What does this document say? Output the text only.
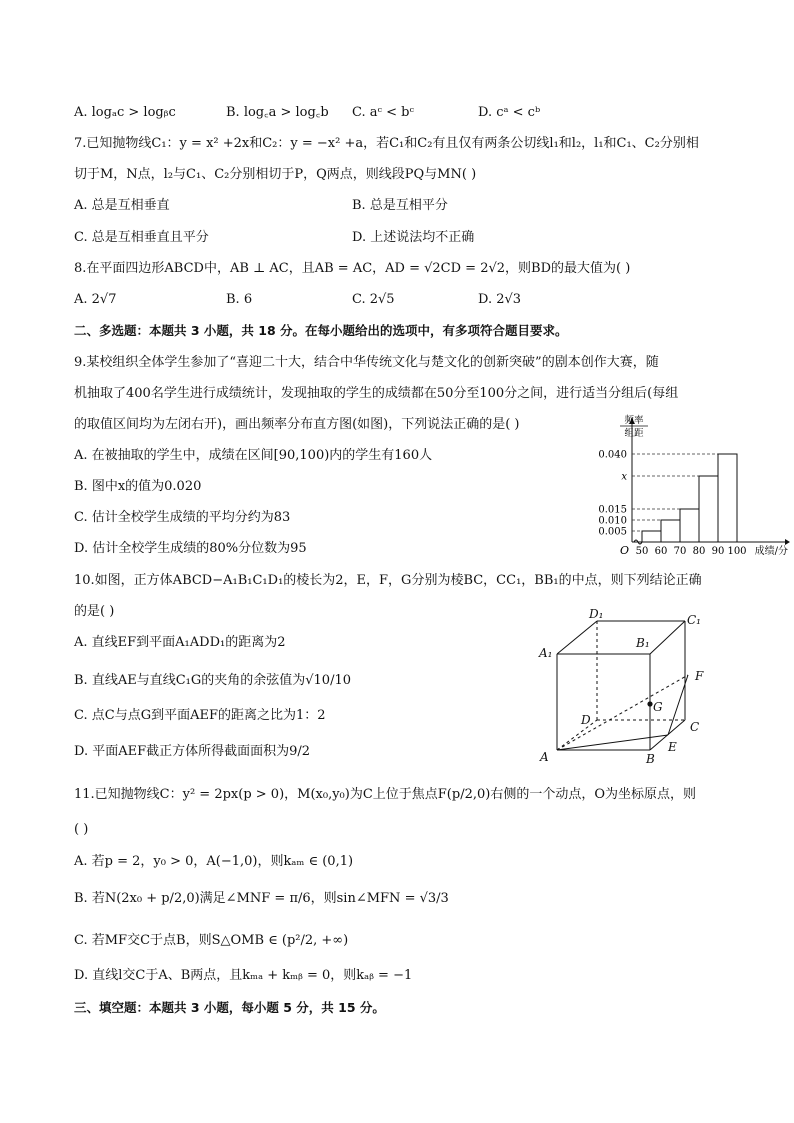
A. logₐc > logᵦc	B. log꜀a > log꜀b C. aᶜ < bᶜ	D. cᵃ < cᵇ
7.已知抛物线C₁：y = x² +2x和C₂：y = −x² +a，若C₁和C₂有且仅有两条公切线l₁和l₂，l₁和C₁、C₂分别相
切于M，N点，l₂与C₁、C₂分别相切于P，Q两点，则线段PQ与MN( )
A. 总是互相垂直	B. 总是互相平分
C. 总是互相垂直且平分	D. 上述说法均不正确
8.在平面四边形ABCD中，AB ⊥ AC，且AB = AC，AD = √2CD = 2√2，则BD的最大值为( )
A. 2√7	B. 6	C. 2√5	D. 2√3
二、多选题：本题共 3 小题，共 18 分。在每小题给出的选项中，有多项符合题目要求。
9.某校组织全体学生参加了“喜迎二十大，结合中华传统文化与楚文化的创新突破”的剧本创作大赛，随
机抽取了400名学生进行成绩统计，发现抽取的学生的成绩都在50分至100分之间，进行适当分组后(每组
的取值区间均为左闭右开)，画出频率分布直方图(如图)，下列说法正确的是( )
A. 在被抽取的学生中，成绩在区间[90,100)内的学生有160人
B. 图中x的值为0.020
C. 估计全校学生成绩的平均分约为83
D. 估计全校学生成绩的80%分位数为95
0.040
x
0.015
0.010
0.005
50 60 70 80 90 100
O
频率
组距
成绩/分
10.如图，正方体ABCD−A₁B₁C₁D₁的棱长为2，E，F，G分别为棱BC，CC₁，BB₁的中点，则下列结论正确
的是( )
A. 直线EF到平面A₁ADD₁的距离为2
B. 直线AE与直线C₁G的夹角的余弦值为√10/10
C. 点C与点G到平面AEF的距离之比为1：2
D. 平面AEF截正方体所得截面面积为9/2	A	B
C
D
A₁
B₁
C₁
D₁
E
F
G
11.已知抛物线C：y² = 2px(p > 0)，M(x₀,y₀)为C上位于焦点F(p/2,0)右侧的一个动点，O为坐标原点，则
( )
A. 若p = 2，y₀ > 0，A(−1,0)，则kₐₘ ∈ (0,1)
B. 若N(2x₀ + p/2,0)满足∠MNF = π/6，则sin∠MFN = √3/3
C. 若MF交C于点B，则S△OMB ∈ (p²/2, +∞)
D. 直线l交C于A、B两点，且kₘₐ + kₘᵦ = 0，则kₐᵦ = −1
三、填空题：本题共 3 小题，每小题 5 分，共 15 分。
